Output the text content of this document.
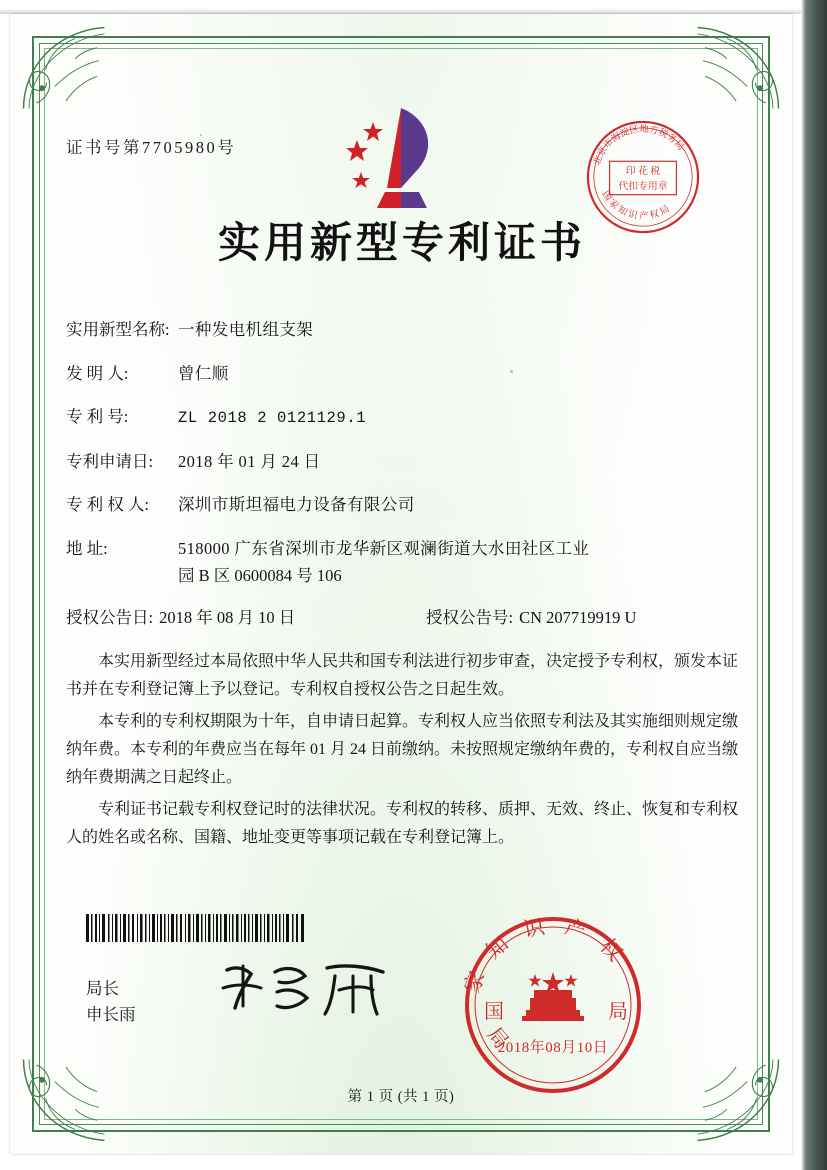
北京市海淀区地方税务局
印 花 税
代扣专用章
国 家 知 识 产 权 局
证书号第7705980号
实用新型专利证书
实用新型名称: 一种发电机组支架
发 明 人:	曾仁顺
专 利 号:	ZL 2018 2 0121129.1
专利申请日:	2018 年 01 月 24 日
专 利 权 人:	深圳市斯坦福电力设备有限公司
地 址:	518000 广东省深圳市龙华新区观澜街道大水田社区工业
园 B 区 0600084 号 106
授权公告日: 2018 年 08 月 10 日	授权公告号: CN 207719919 U

本实用新型经过本局依照中华人民共和国专利法进行初步审查，决定授予专利权，颁发本证书并在专利登记簿上予以登记。专利权自授权公告之日起生效。

本专利的专利权期限为十年，自申请日起算。专利权人应当依照专利法及其实施细则规定缴纳年费。本专利的年费应当在每年 01 月 24 日前缴纳。未按照规定缴纳年费的，专利权自应当缴纳年费期满之日起终止。

专利证书记载专利权登记时的法律状况。专利权的转移、质押、无效、终止、恢复和专利权人的姓名或名称、国籍、地址变更等事项记载在专利登记簿上。

局长
申长雨
家 知 识 产 权
局
国	局
2018年08月10日
第 1 页 (共 1 页)
